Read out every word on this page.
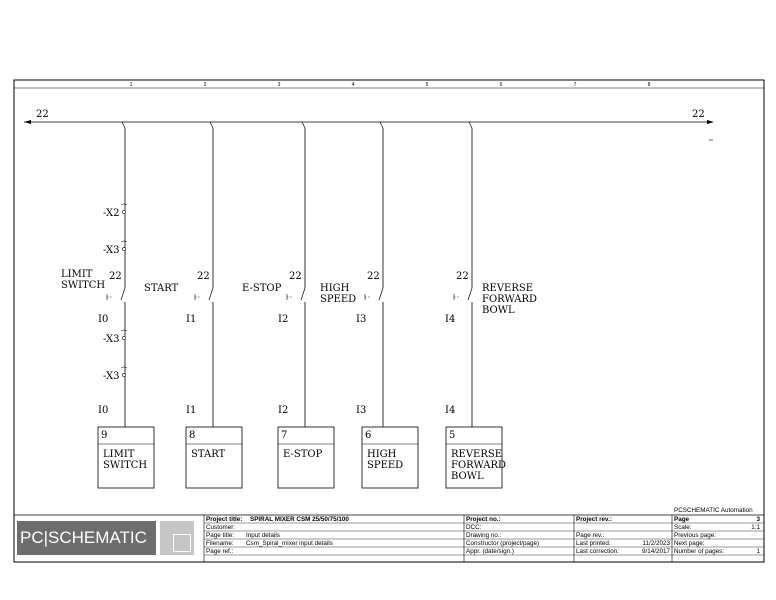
1	2	3	4	5	6	7	8
22	22
22
LIMIT SWITCH
I0
I0
-X2
-X3
-X3
-X3
9
LIMIT SWITCH
22
START
I1
I1
8
START
22
E-STOP
I2
I2
7
E-STOP
22
HIGH SPEED
I3
I3
6
HIGH SPEED
22
REVERSE FORWARD BOWL
I4
I4
5
REVERSE FORWARD BOWL
PC|SCHEMATIC
PCSCHEMATIC Automation
Project title: SPIRAL MIXER CSM 25/50/75/100
Customer:
Page title: Input details
Filename: Csm_Spiral_mixer input details
Page ref.:
Project no.:
DCC:
Drawing no.:
Constructor (project/page)
Appr. (date/sign.)
Project rev.:
Page rev.:
Last printed:	11/2/2023
Last correction:	9/14/2017
Page	3
Scale:	1:1
Previous page:
Next page:
Number of pages:	1
